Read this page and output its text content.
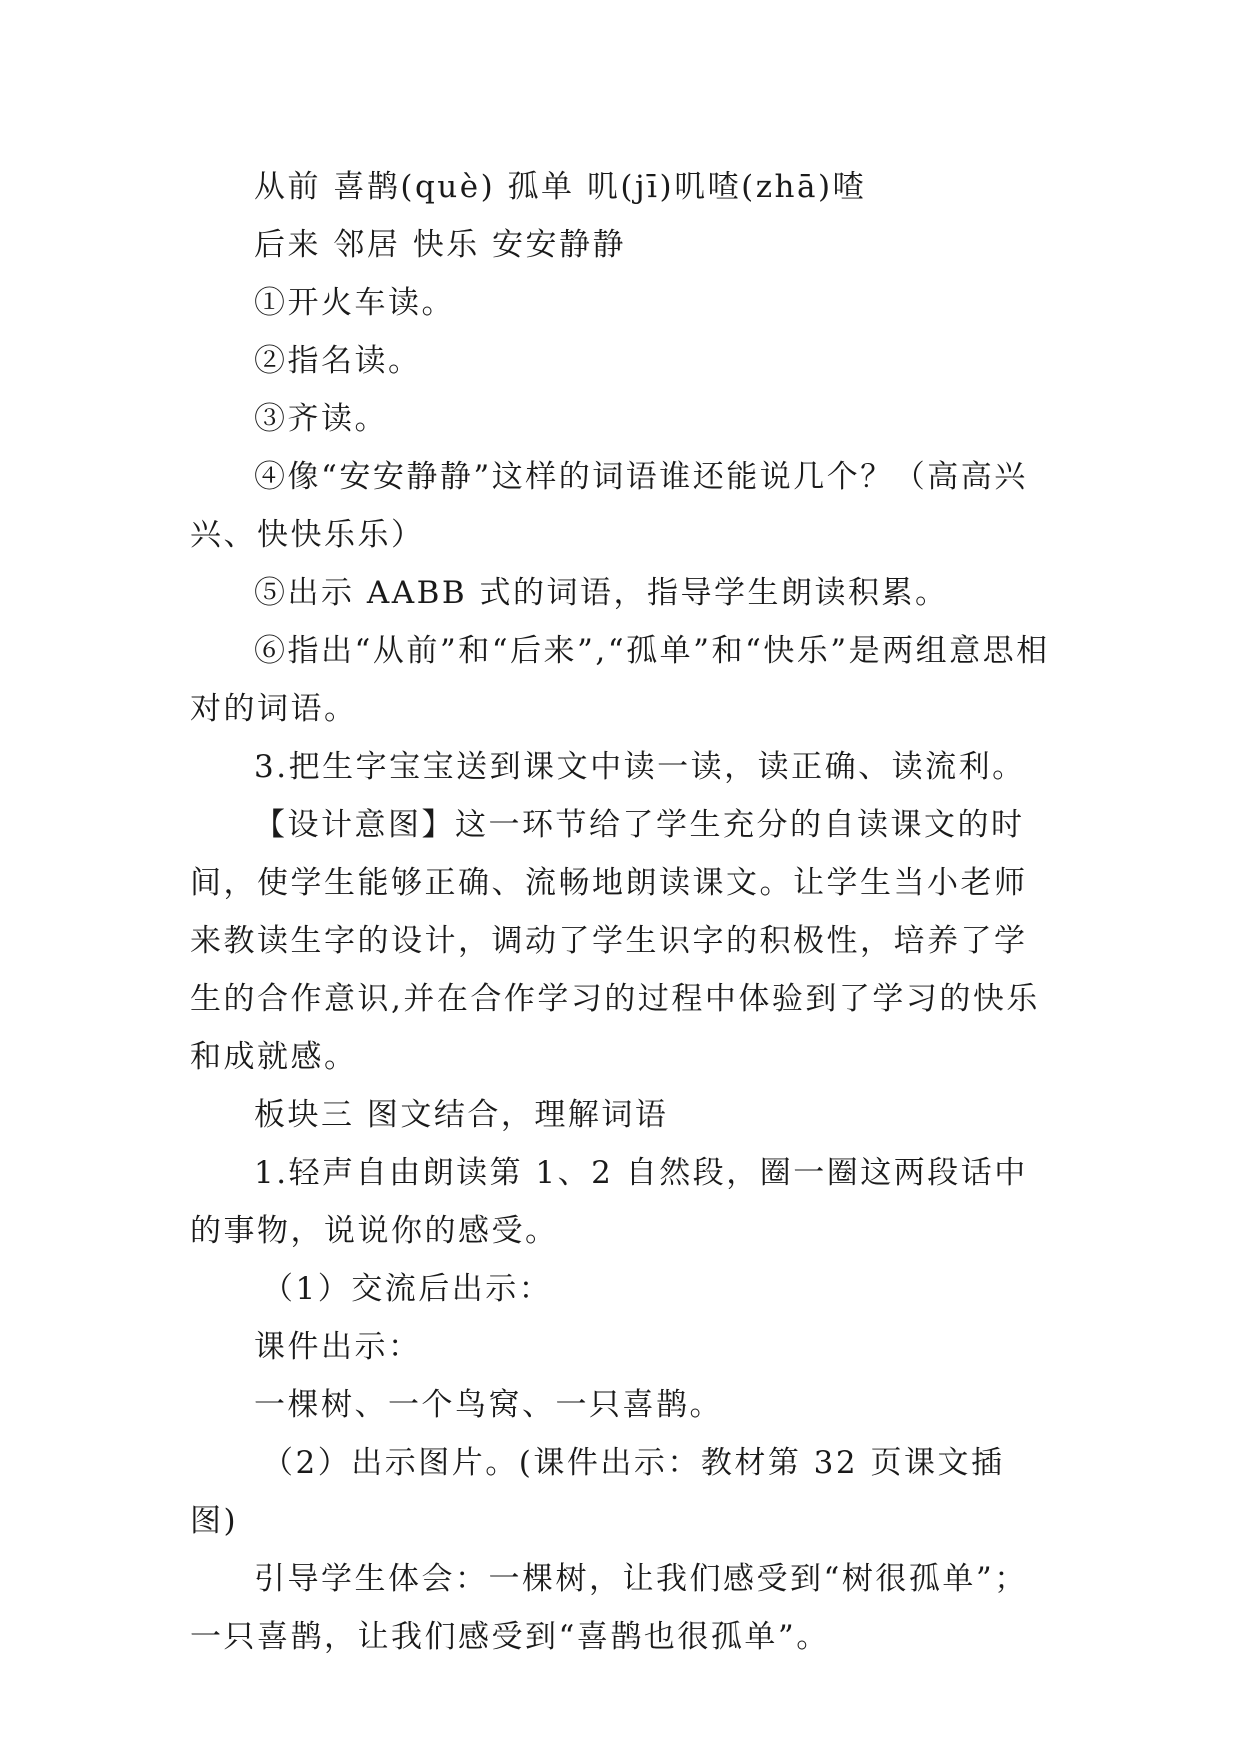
从前 喜鹊(què) 孤单 叽(jī)叽喳(zhā)喳

后来 邻居 快乐 安安静静

①开火车读。

②指名读。

③齐读。

④像“安安静静”这样的词语谁还能说几个？（高高兴兴、快快乐乐）

⑤出示 AABB 式的词语，指导学生朗读积累。

⑥指出“从前”和“后来”,“孤单”和“快乐”是两组意思相对的词语。

3.把生字宝宝送到课文中读一读，读正确、读流利。

【设计意图】这一环节给了学生充分的自读课文的时间，使学生能够正确、流畅地朗读课文。让学生当小老师来教读生字的设计，调动了学生识字的积极性，培养了学生的合作意识,并在合作学习的过程中体验到了学习的快乐和成就感。

板块三 图文结合，理解词语

1.轻声自由朗读第 1、2 自然段，圈一圈这两段话中的事物，说说你的感受。

（1）交流后出示：

课件出示：

一棵树、一个鸟窝、一只喜鹊。

（2）出示图片。(课件出示：教材第 32 页课文插图)

引导学生体会：一棵树，让我们感受到“树很孤单”；一只喜鹊，让我们感受到“喜鹊也很孤单”。
